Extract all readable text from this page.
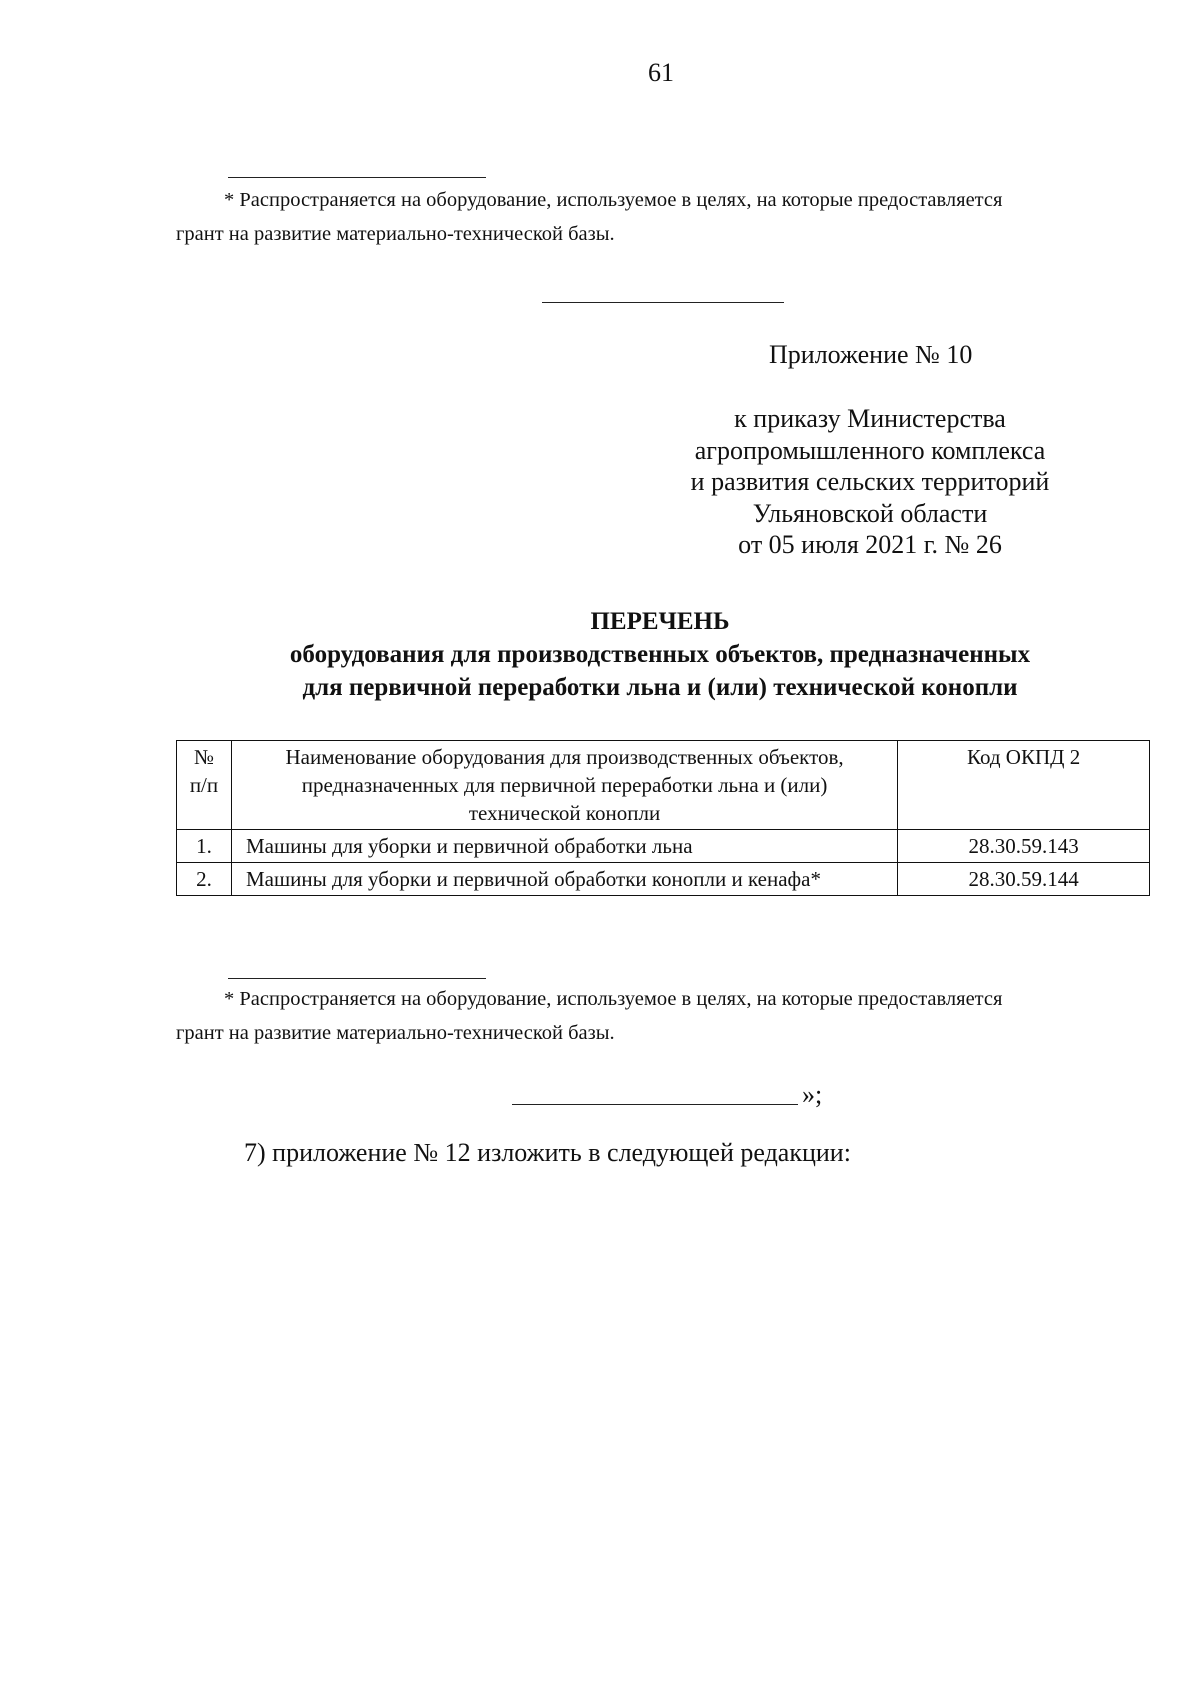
61
* Распространяется на оборудование, используемое в целях, на которые предоставляется
грант на развитие материально-технической базы.
Приложение № 10
к приказу Министерства
агропромышленного комплекса
и развития сельских территорий
Ульяновской области
от 05 июля 2021 г. № 26
ПЕРЕЧЕНЬ
оборудования для производственных объектов, предназначенных
для первичной переработки льна и (или) технической конопли
№ п/п	Наименование оборудования для производственных объектов, предназначенных для первичной переработки льна и (или) технической конопли	Код ОКПД 2
1.	Машины для уборки и первичной обработки льна	28.30.59.143
2.	Машины для уборки и первичной обработки конопли и кенафа*	28.30.59.144
* Распространяется на оборудование, используемое в целях, на которые предоставляется
грант на развитие материально-технической базы.
»;
7) приложение № 12 изложить в следующей редакции:
